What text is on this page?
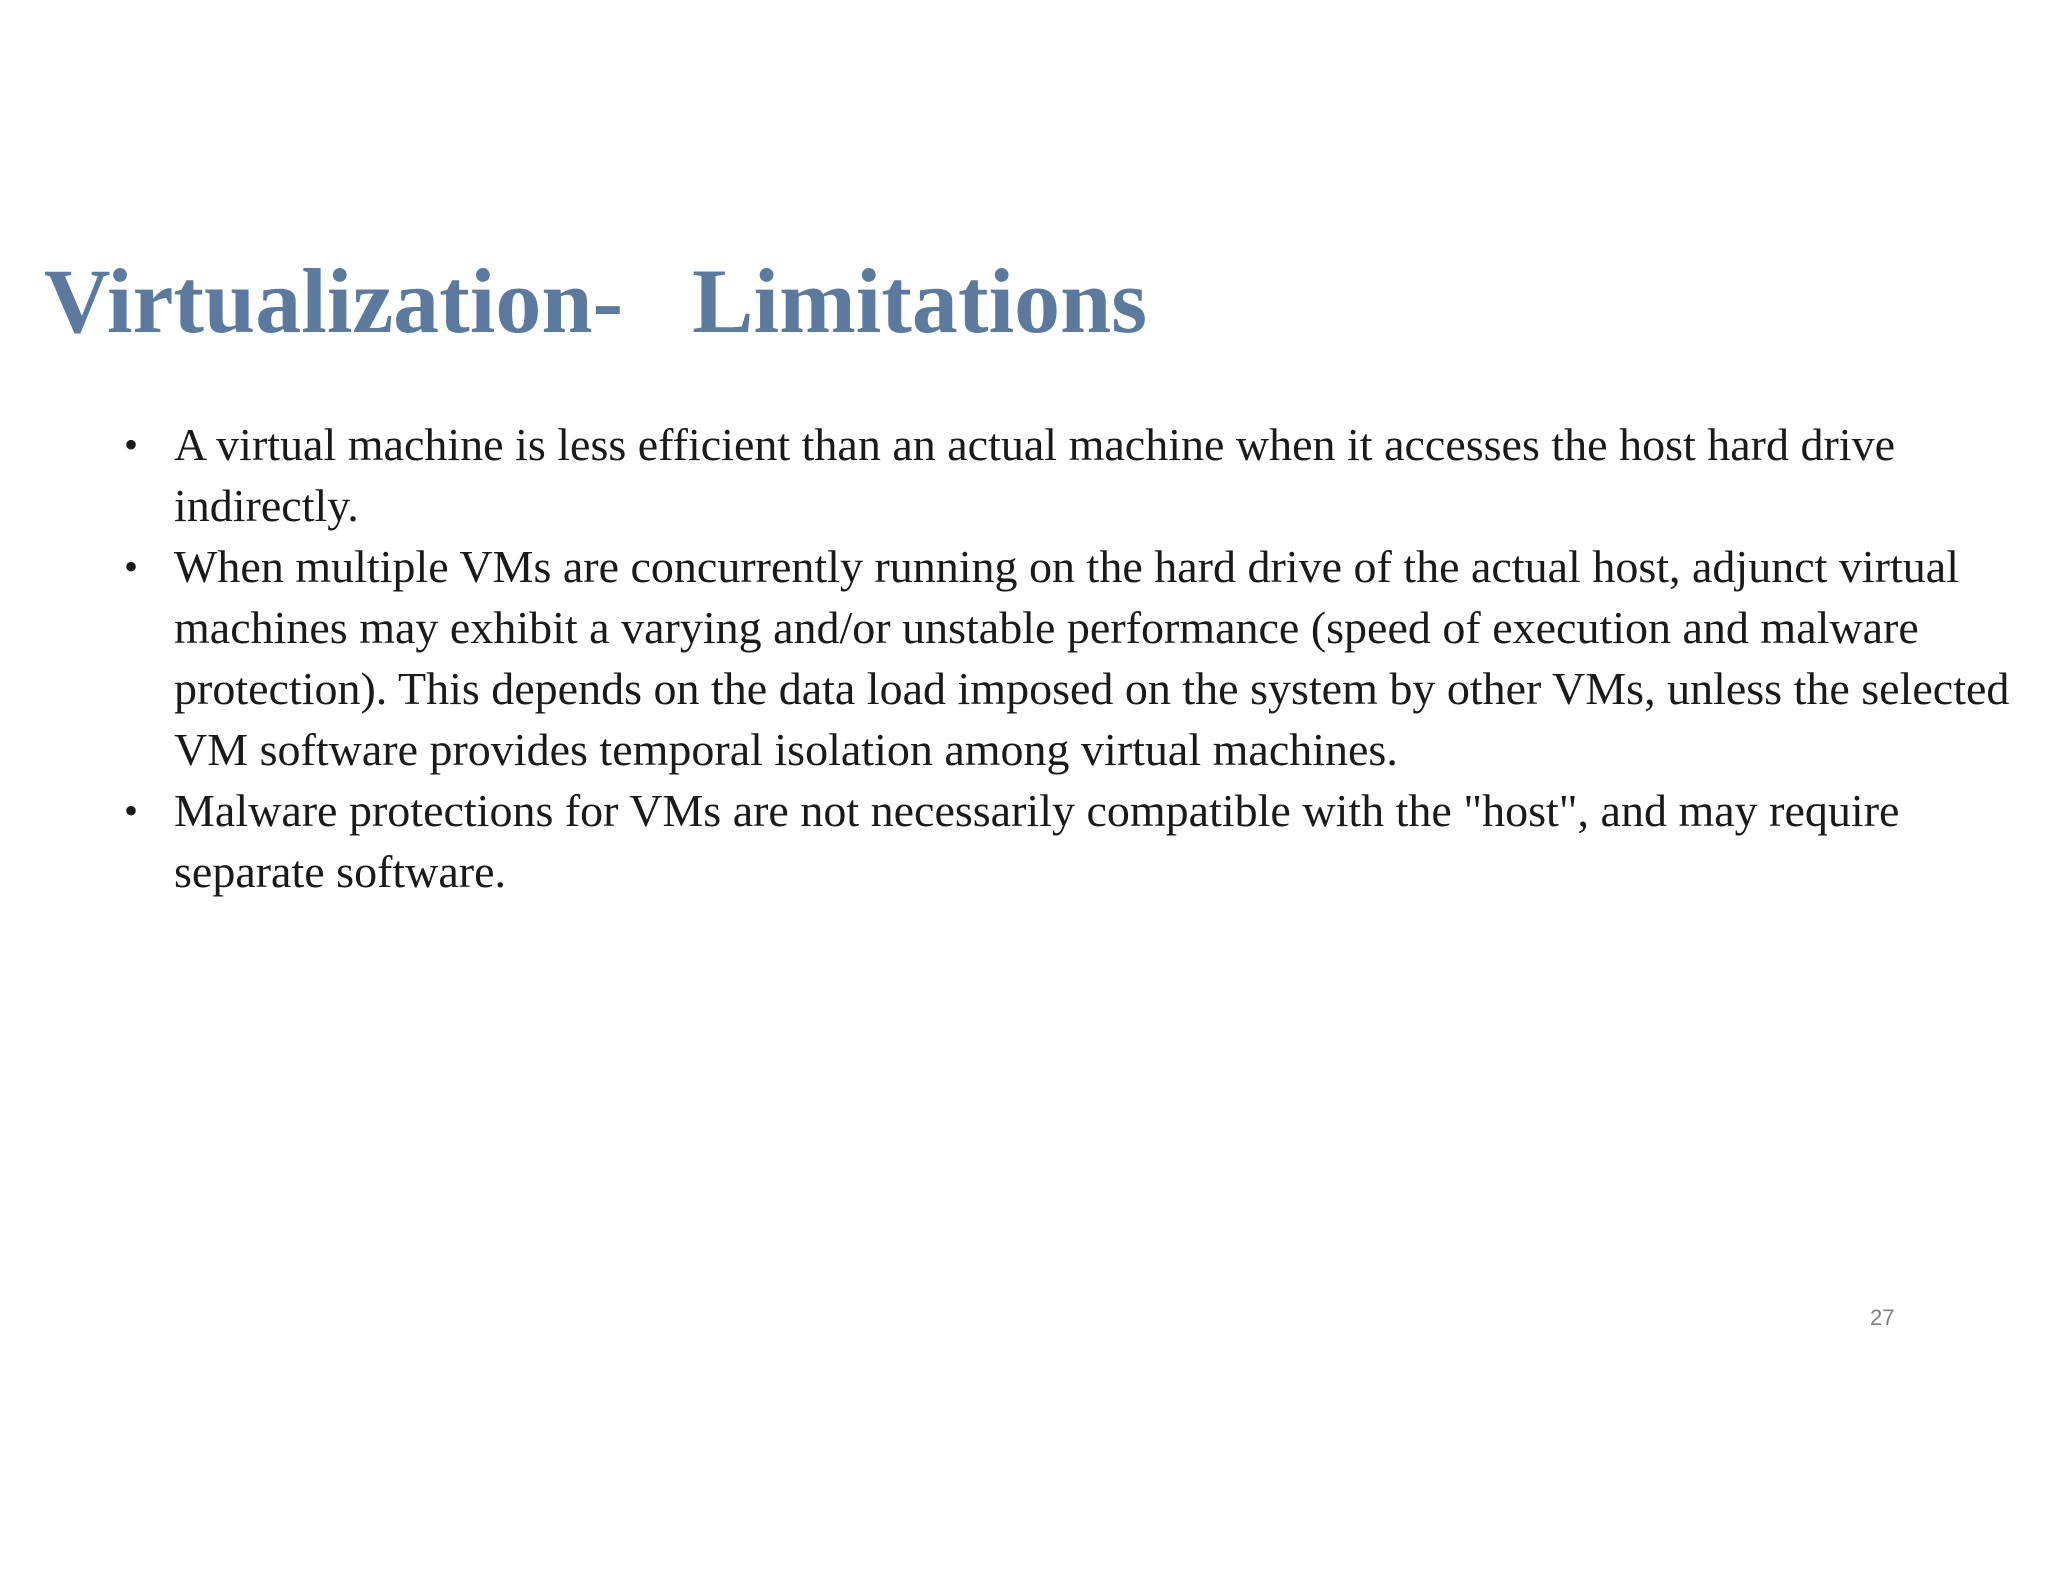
Virtualization-   Limitations
• A virtual machine is less efficient than an actual machine when it accesses the host hard drive indirectly.
• When multiple VMs are concurrently running on the hard drive of the actual host, adjunct virtual machines may exhibit a varying and/or unstable performance (speed of execution and malware protection). This depends on the data load imposed on the system by other VMs, unless the selected VM software provides temporal isolation among virtual machines.
• Malware protections for VMs are not necessarily compatible with the "host", and may require separate software.
27
